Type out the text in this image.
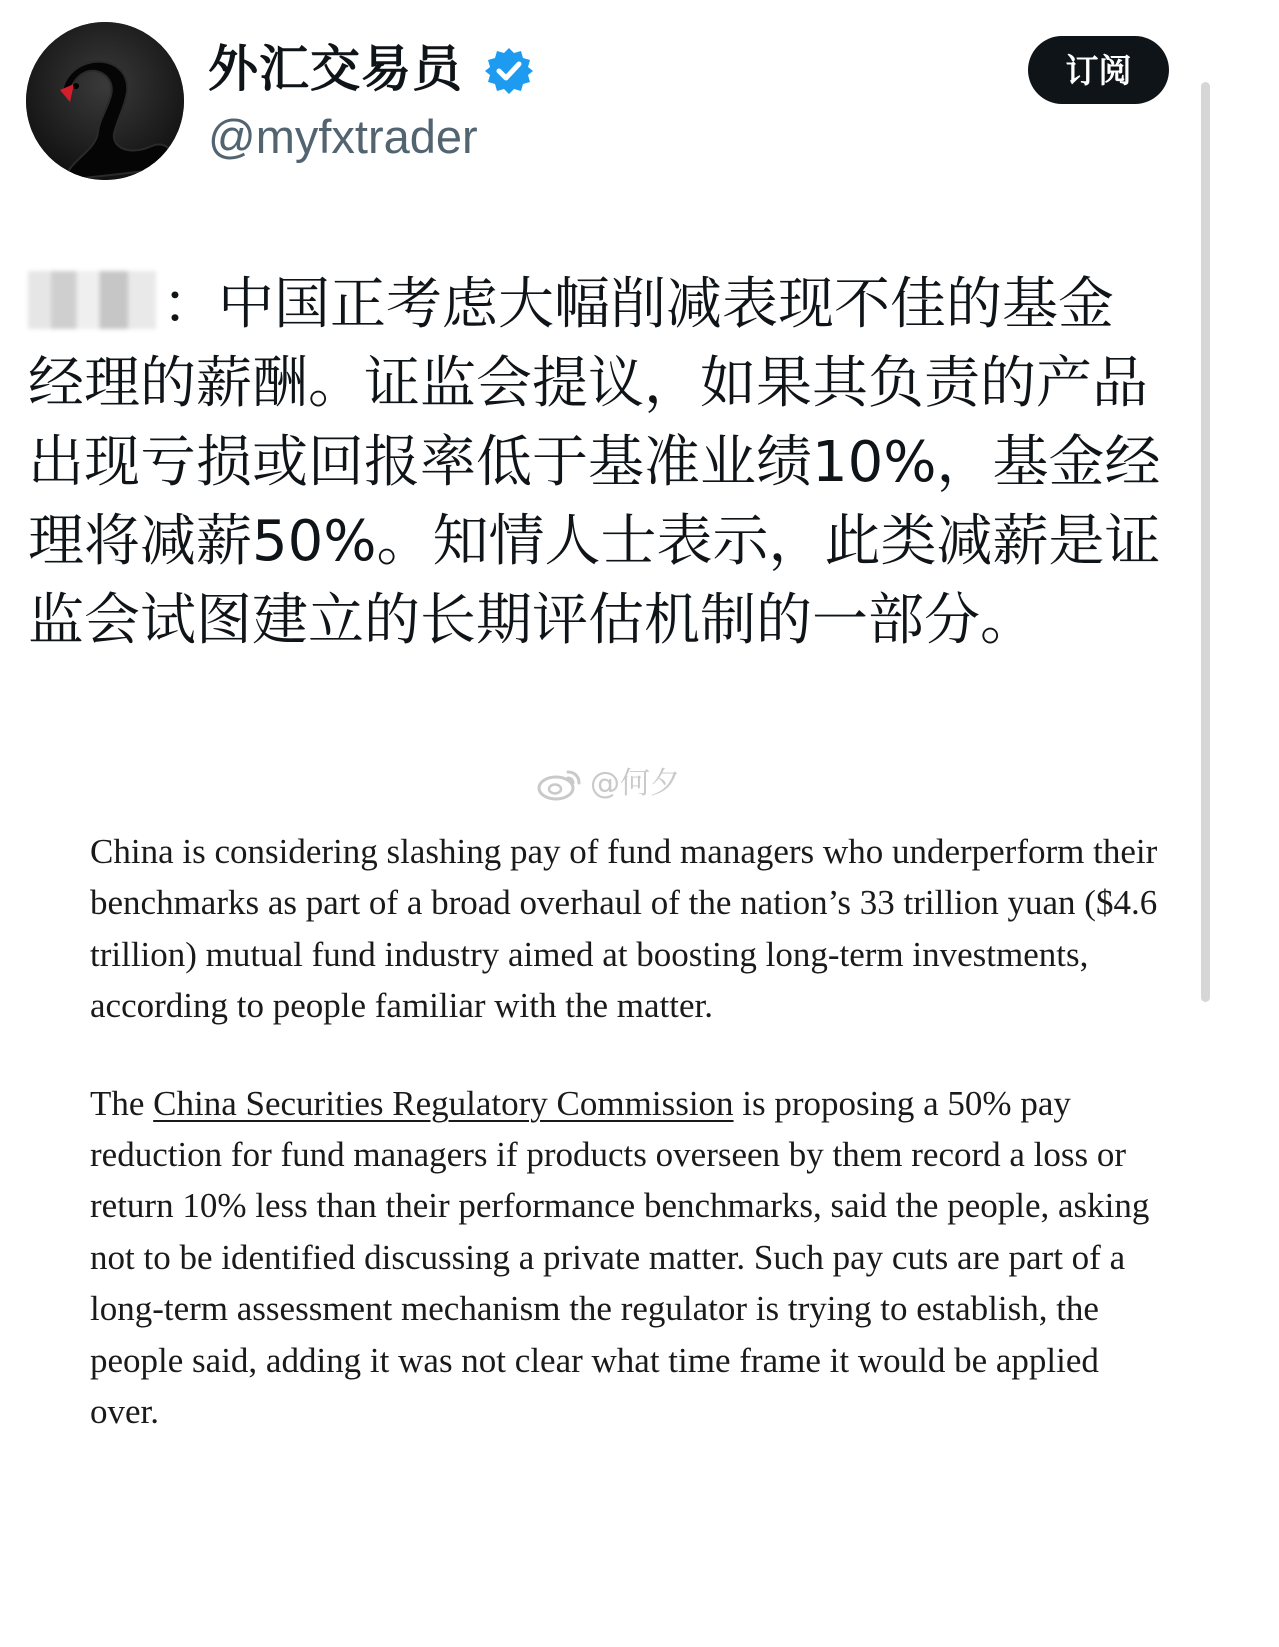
外汇交易员
@myfxtrader
订阅
：中国正考虑大幅削减表现不佳的基金经理的薪酬。证监会提议，如果其负责的产品出现亏损或回报率低于基准业绩10%，基金经理将减薪50%。知情人士表示，此类减薪是证监会试图建立的长期评估机制的一部分。
@何夕

China is considering slashing pay of fund managers who underperform their benchmarks as part of a broad overhaul of the nation’s 33 trillion yuan ($4.6 trillion) mutual fund industry aimed at boosting long-term investments, according to people familiar with the matter.

The China Securities Regulatory Commission is proposing a 50% pay reduction for fund managers if products overseen by them record a loss or return 10% less than their performance benchmarks, said the people, asking not to be identified discussing a private matter. Such pay cuts are part of a long-term assessment mechanism the regulator is trying to establish, the people said, adding it was not clear what time frame it would be applied over.
